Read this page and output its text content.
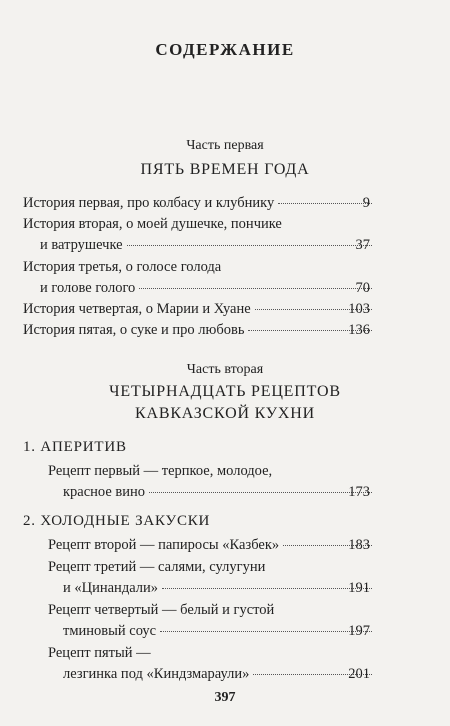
СОДЕРЖАНИЕ
Часть первая
ПЯТЬ ВРЕМЕН ГОДА
История первая, про колбасу и клубнику	9
История вторая, о моей душечке, пончике
и ватрушечке	37
История третья, о голосе голода
и голове голого	70
История четвертая, о Марии и Хуане	103
История пятая, о суке и про любовь	136
Часть вторая
ЧЕТЫРНАДЦАТЬ РЕЦЕПТОВ
КАВКАЗСКОЙ КУХНИ
1. АПЕРИТИВ
Рецепт первый — терпкое, молодое,
красное вино	173
2. ХОЛОДНЫЕ ЗАКУСКИ
Рецепт второй — папиросы «Казбек»	183
Рецепт третий — салями, сулугуни
и «Цинандали»	191
Рецепт четвертый — белый и густой
тминовый соус	197
Рецепт пятый —
лезгинка под «Киндзмараули»	201
397
